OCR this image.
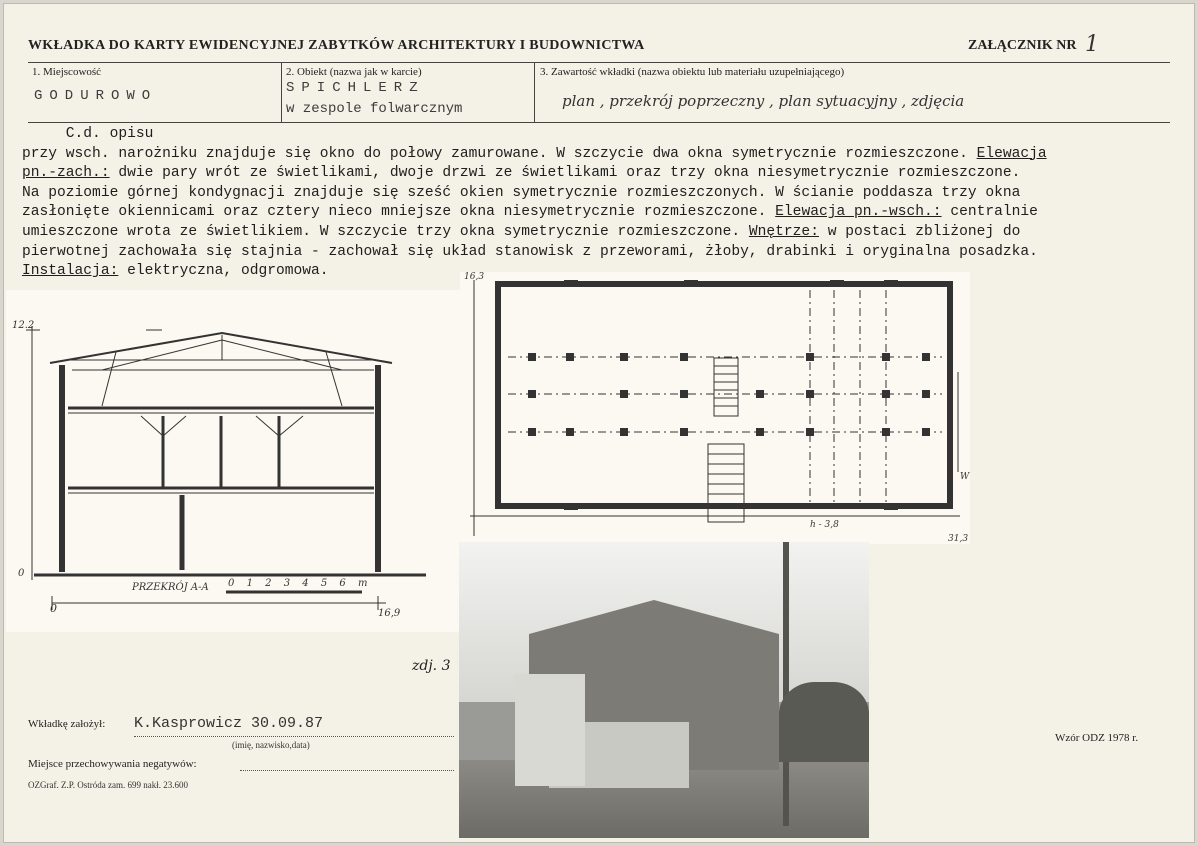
WKŁADKA DO KARTY EWIDENCYJNEJ ZABYTKÓW ARCHITEKTURY I BUDOWNICTWA	ZAŁĄCZNIK NR 1
1. Miejscowość
GODUROWO
2. Obiekt (nazwa jak w karcie)
SPICHLERZ
w zespole folwarcznym
3. Zawartość wkładki (nazwa obiektu lub materiału uzupełniającego)
plan , przekrój poprzeczny , plan sytuacyjny , zdjęcia
C.d. opisu
przy wsch. narożniku znajduje się okno do połowy zamurowane. W szczycie dwa okna symetrycznie rozmieszczone. Elewacja
pn.-zach.: dwie pary wrót ze świetlikami, dwoje drzwi ze świetlikami oraz trzy okna niesymetrycznie rozmieszczone.
Na poziomie górnej kondygnacji znajduje się sześć okien symetrycznie rozmieszczonych. W ścianie poddasza trzy okna
zasłonięte okiennicami oraz cztery nieco mniejsze okna niesymetrycznie rozmieszczone. Elewacja pn.-wsch.: centralnie
umieszczone wrota ze świetlikiem. W szczycie trzy okna symetrycznie rozmieszczone. Wnętrze: w postaci zbliżonej do
pierwotnej zachowała się stajnia - zachował się układ stanowisk z przeworami, żłoby, drabinki i oryginalna posadzka.
Instalacja: elektryczna, odgromowa.
12.2
0
PRZEKRÓJ A-A 0 1 2 3 4 5 6 m
0	16,9
16,3
31,3
h - 3,8
W
zdj. 3
Wkładkę założył: K.Kasprowicz 30.09.87
(imię, nazwisko,data)
Miejsce przechowywania negatywów:
OZGraf. Z.P. Ostróda zam. 699 nakł. 23.600
Wzór ODZ 1978 r.
